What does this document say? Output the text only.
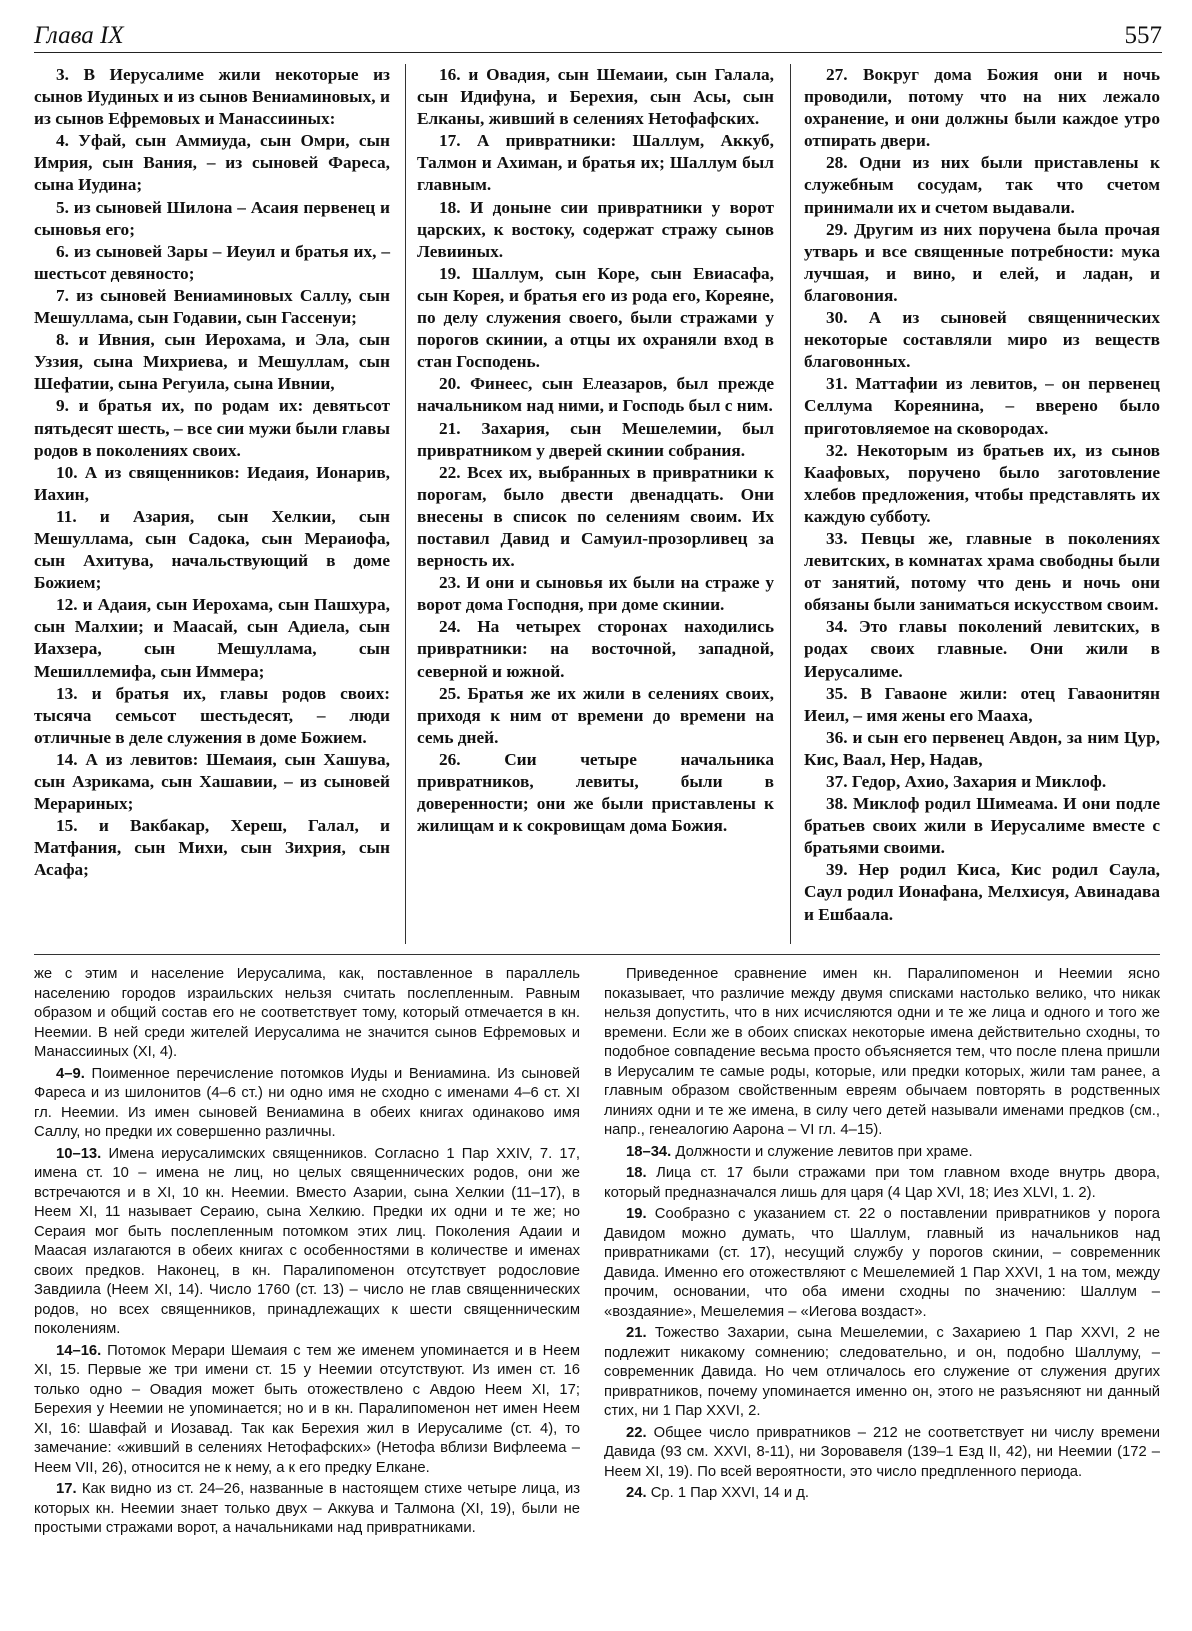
Глава IX	557

3. В Иерусалиме жили некоторые из сынов Иудиных и из сынов Вениаминовых, и из сынов Ефремовых и Манассииных:

4. Уфай, сын Аммиуда, сын Омри, сын Имрия, сын Вания, – из сыновей Фареса, сына Иудина;

5. из сыновей Шилона – Асаия первенец и сыновья его;

6. из сыновей Зары – Иеуил и братья их, – шестьсот девяносто;

7. из сыновей Вениаминовых Саллу, сын Мешуллама, сын Годавии, сын Гассенуи;

8. и Ивния, сын Иерохама, и Эла, сын Уззия, сына Михриева, и Мешуллам, сын Шефатии, сына Регуила, сына Ивнии,

9. и братья их, по родам их: девятьсот пятьдесят шесть, – все сии мужи были главы родов в поколениях своих.

10. А из священников: Иедаия, Ионарив, Иахин,

11. и Азария, сын Хелкии, сын Мешуллама, сын Садока, сын Мераиофа, сын Ахитува, начальствующий в доме Божием;

12. и Адаия, сын Иерохама, сын Пашхура, сын Малхии; и Маасай, сын Адиела, сын Иахзера, сын Мешуллама, сын Мешиллемифа, сын Иммера;

13. и братья их, главы родов своих: тысяча семьсот шестьдесят, – люди отличные в деле служения в доме Божием.

14. А из левитов: Шемаия, сын Хашува, сын Азрикама, сын Хашавии, – из сыновей Мерариных;

15. и Вакбакар, Хереш, Галал, и Матфания, сын Михи, сын Зихрия, сын Асафа;

16. и Овадия, сын Шемаии, сын Галала, сын Идифуна, и Берехия, сын Асы, сын Елканы, живший в селениях Нетофафских.

17. А привратники: Шаллум, Аккуб, Талмон и Ахиман, и братья их; Шаллум был главным.

18. И доныне сии привратники у ворот царских, к востоку, содержат стражу сынов Левииных.

19. Шаллум, сын Коре, сын Евиасафа, сын Корея, и братья его из рода его, Кореяне, по делу служения своего, были стражами у порогов скинии, а отцы их охраняли вход в стан Господень.

20. Финеес, сын Елеазаров, был прежде начальником над ними, и Господь был с ним.

21. Захария, сын Мешелемии, был привратником у дверей скинии собрания.

22. Всех их, выбранных в привратники к порогам, было двести двенадцать. Они внесены в список по селениям своим. Их поставил Давид и Самуил-прозорливец за верность их.

23. И они и сыновья их были на страже у ворот дома Господня, при доме скинии.

24. На четырех сторонах находились привратники: на восточной, западной, северной и южной.

25. Братья же их жили в селениях своих, приходя к ним от времени до времени на семь дней.

26. Сии четыре начальника привратников, левиты, были в доверенности; они же были приставлены к жилищам и к сокровищам дома Божия.

27. Вокруг дома Божия они и ночь проводили, потому что на них лежало охранение, и они должны были каждое утро отпирать двери.

28. Одни из них были приставлены к служебным сосудам, так что счетом принимали их и счетом выдавали.

29. Другим из них поручена была прочая утварь и все священные потребности: мука лучшая, и вино, и елей, и ладан, и благовония.

30. А из сыновей священнических некоторые составляли миро из веществ благовонных.

31. Маттафии из левитов, – он первенец Селлума Кореянина, – вверено было приготовляемое на сковородах.

32. Некоторым из братьев их, из сынов Каафовых, поручено было заготовление хлебов предложения, чтобы представлять их каждую субботу.

33. Певцы же, главные в поколениях левитских, в комнатах храма свободны были от занятий, потому что день и ночь они обязаны были заниматься искусством своим.

34. Это главы поколений левитских, в родах своих главные. Они жили в Иерусалиме.

35. В Гаваоне жили: отец Гаваонитян Иеил, – имя жены его Мааха,

36. и сын его первенец Авдон, за ним Цур, Кис, Ваал, Нер, Надав,

37. Гедор, Ахио, Захария и Миклоф.

38. Миклоф родил Шимеама. И они подле братьев своих жили в Иерусалиме вместе с братьями своими.

39. Нер родил Киса, Кис родил Саула, Саул родил Ионафана, Мелхисуя, Авинадава и Ешбаала.

же с этим и население Иерусалима, как, поставленное в параллель населению городов израильских нельзя считать послепленным. Равным образом и общий состав его не соответствует тому, который отмечается в кн. Неемии. В ней среди жителей Иерусалима не значится сынов Ефремовых и Манассииных (XI, 4).

4–9. Поименное перечисление потомков Иуды и Вениамина. Из сыновей Фареса и из шилонитов (4–6 ст.) ни одно имя не сходно с именами 4–6 ст. XI гл. Неемии. Из имен сыновей Вениамина в обеих книгах одинаково имя Саллу, но предки их совершенно различны.

10–13. Имена иерусалимских священников. Согласно 1 Пар XXIV, 7. 17, имена ст. 10 – имена не лиц, но целых священнических родов, они же встречаются и в XI, 10 кн. Неемии. Вместо Азарии, сына Хелкии (11–17), в Неем XI, 11 называет Сераию, сына Хелкию. Предки их одни и те же; но Сераия мог быть послепленным потомком этих лиц. Поколения Адаии и Маасая излагаются в обеих книгах с особенностями в количестве и именах своих предков. Наконец, в кн. Паралипоменон отсутствует родословие Завдиила (Неем XI, 14). Число 1760 (ст. 13) – число не глав священнических родов, но всех священников, принадлежащих к шести священническим поколениям.

14–16. Потомок Мерари Шемаия с тем же именем упоминается и в Неем XI, 15. Первые же три имени ст. 15 у Неемии отсутствуют. Из имен ст. 16 только одно – Овадия может быть отожествлено с Авдою Неем XI, 17; Берехия у Неемии не упоминается; но и в кн. Паралипоменон нет имен Неем XI, 16: Шавфай и Иозавад. Так как Берехия жил в Иерусалиме (ст. 4), то замечание: «живший в селениях Нетофафских» (Нетофа вблизи Вифлеема – Неем VII, 26), относится не к нему, а к его предку Елкане.

17. Как видно из ст. 24–26, названные в настоящем стихе четыре лица, из которых кн. Неемии знает только двух – Аккува и Талмона (XI, 19), были не простыми стражами ворот, а начальниками над привратниками.

Приведенное сравнение имен кн. Паралипоменон и Неемии ясно показывает, что различие между двумя списками настолько велико, что никак нельзя допустить, что в них исчисляются одни и те же лица и одного и того же времени. Если же в обоих списках некоторые имена действительно сходны, то подобное совпадение весьма просто объясняется тем, что после плена пришли в Иерусалим те самые роды, которые, или предки которых, жили там ранее, а главным образом свойственным евреям обычаем повторять в родственных линиях одни и те же имена, в силу чего детей называли именами предков (см., напр., генеалогию Аарона – VI гл. 4–15).

18–34. Должности и служение левитов при храме.

18. Лица ст. 17 были стражами при том главном входе внутрь двора, который предназначался лишь для царя (4 Цар XVI, 18; Иез XLVI, 1. 2).

19. Сообразно с указанием ст. 22 о поставлении привратников у порога Давидом можно думать, что Шаллум, главный из начальников над привратниками (ст. 17), несущий службу у порогов скинии, – современник Давида. Именно его отожествляют с Мешелемией 1 Пар XXVI, 1 на том, между прочим, основании, что оба имени сходны по значению: Шаллум – «воздаяние», Мешелемия – «Иегова воздаст».

21. Тожество Захарии, сына Мешелемии, с Захариею 1 Пар XXVI, 2 не подлежит никакому сомнению; следовательно, и он, подобно Шаллуму, – современник Давида. Но чем отличалось его служение от служения других привратников, почему упоминается именно он, этого не разъясняют ни данный стих, ни 1 Пар XXVI, 2.

22. Общее число привратников – 212 не соответствует ни числу времени Давида (93 см. XXVI, 8-11), ни Зоровавеля (139–1 Езд II, 42), ни Неемии (172 – Неем XI, 19). По всей вероятности, это число предпленного периода.

24. Ср. 1 Пар XXVI, 14 и д.
